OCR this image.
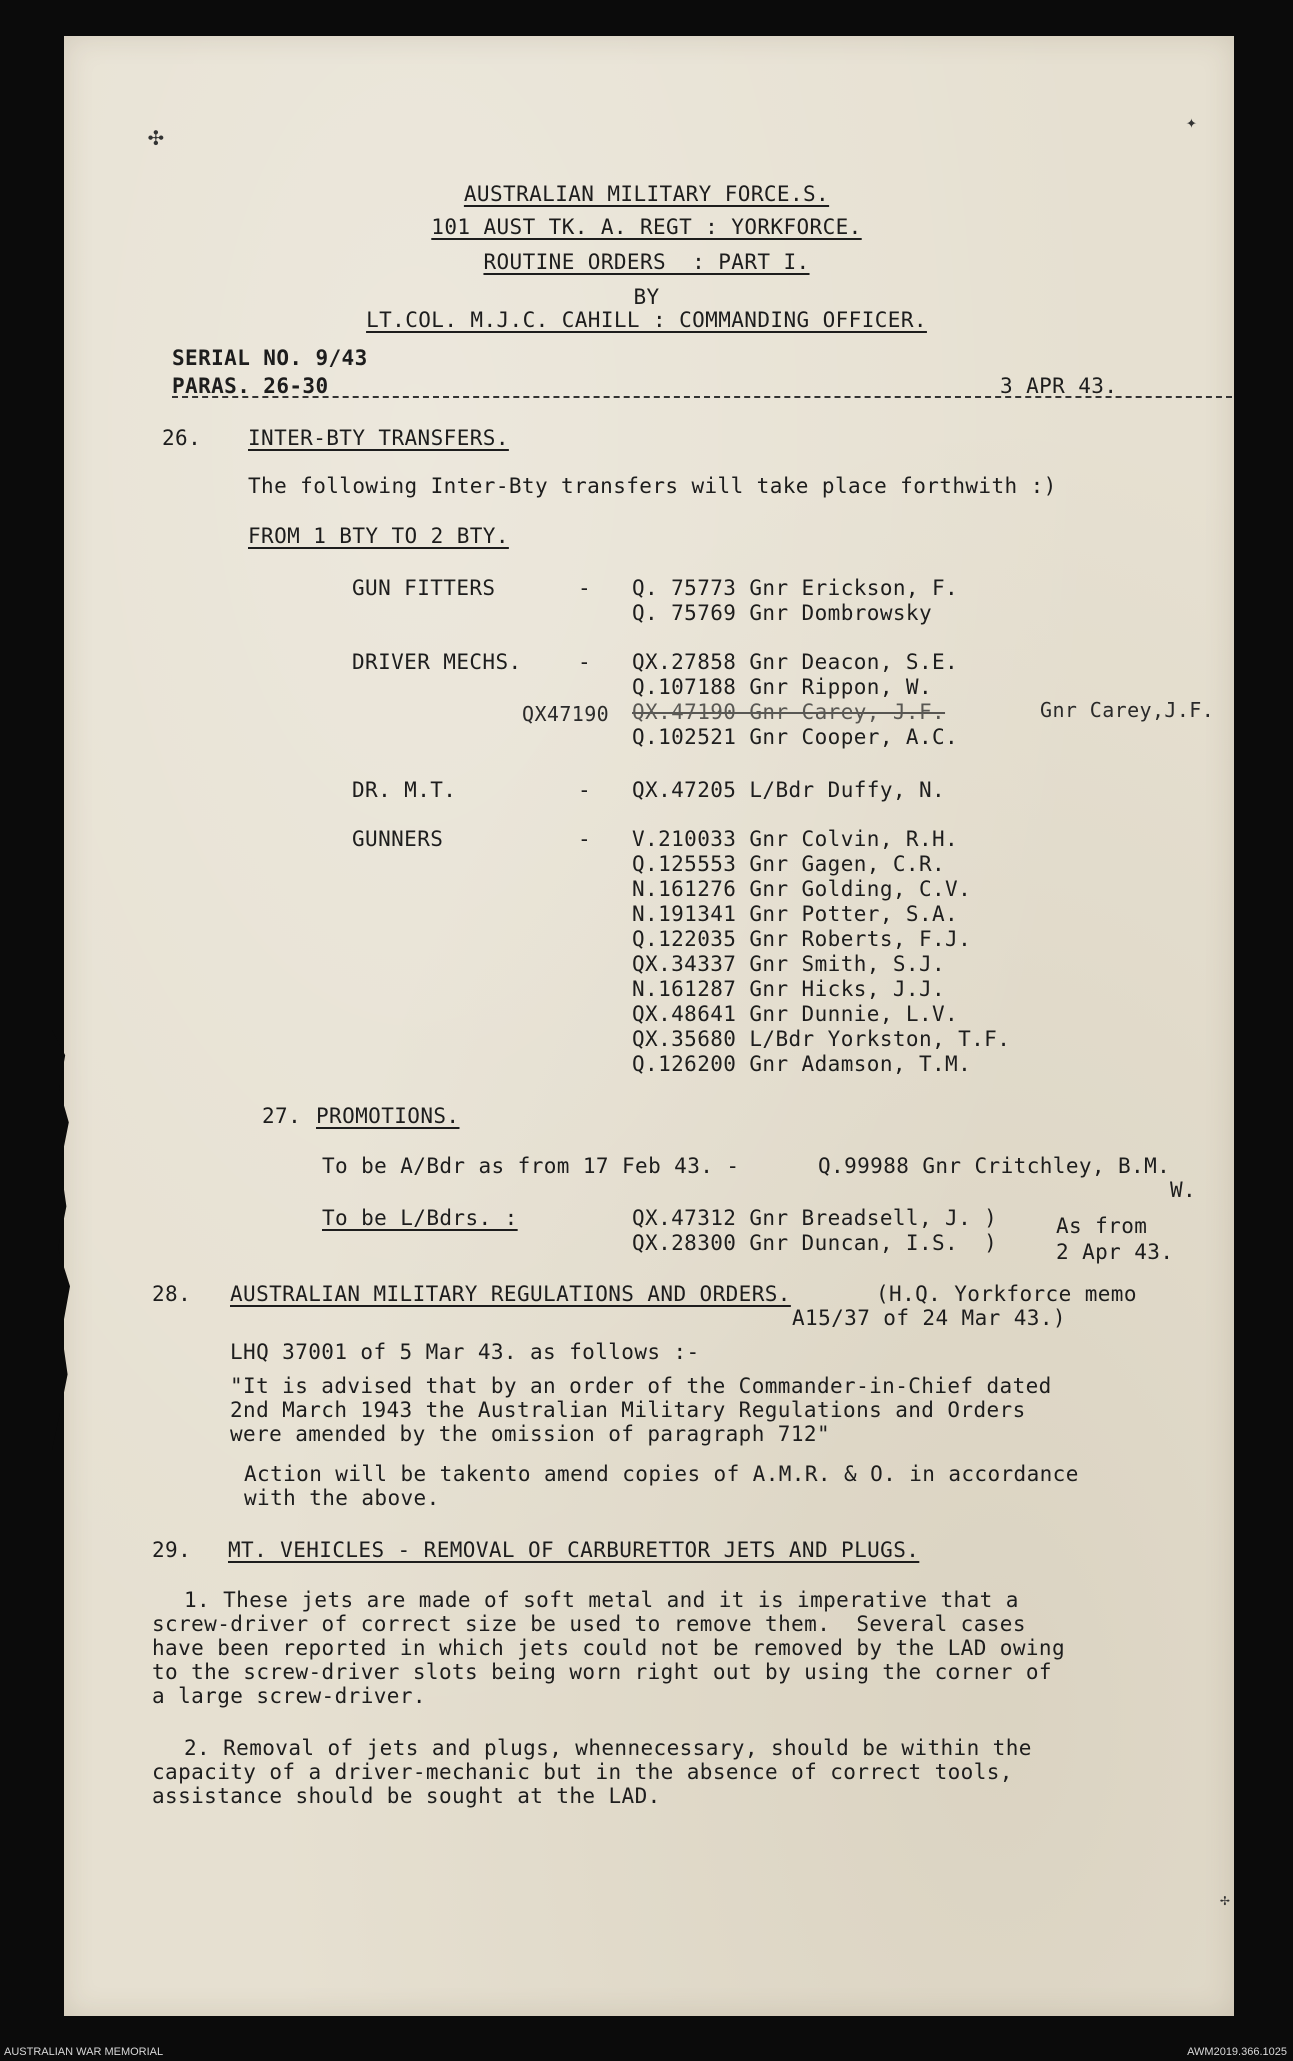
✣	✦
AUSTRALIAN MILITARY FORCE.S.
101 AUST TK. A. REGT : YORKFORCE.
ROUTINE ORDERS  : PART I.
BY
LT.COL. M.J.C. CAHILL : COMMANDING OFFICER.
SERIAL NO. 9/43
PARAS. 26-30	3 APR 43.
26. INTER-BTY TRANSFERS.
The following Inter-Bty transfers will take place forthwith :)
FROM 1 BTY TO 2 BTY.
GUN FITTERS	- Q. 75773 Gnr Erickson, F.
Q. 75769 Gnr Dombrowsky
DRIVER MECHS.	- QX.27858 Gnr Deacon, S.E.
Q.107188 Gnr Rippon, W.
QX.47190 Gnr Carey, J.F.
Q.102521 Gnr Cooper, A.C.
QX47190	Gnr Carey,J.F.
DR. M.T.	- QX.47205 L/Bdr Duffy, N.
GUNNERS	- V.210033 Gnr Colvin, R.H.
Q.125553 Gnr Gagen, C.R.
N.161276 Gnr Golding, C.V.
N.191341 Gnr Potter, S.A.
Q.122035 Gnr Roberts, F.J.
QX.34337 Gnr Smith, S.J.
N.161287 Gnr Hicks, J.J.
QX.48641 Gnr Dunnie, L.V.
QX.35680 L/Bdr Yorkston, T.F.
Q.126200 Gnr Adamson, T.M.
27. PROMOTIONS.
To be A/Bdr as from 17 Feb 43. -	Q.99988 Gnr Critchley, B.M.
W.
To be L/Bdrs. :	QX.47312 Gnr Breadsell, J. )
QX.28300 Gnr Duncan, I.S.  )
As from
2 Apr 43.
28. AUSTRALIAN MILITARY REGULATIONS AND ORDERS.	(H.Q. Yorkforce memo
A15/37 of 24 Mar 43.)
LHQ 37001 of 5 Mar 43. as follows :-
"It is advised that by an order of the Commander-in-Chief dated
2nd March 1943 the Australian Military Regulations and Orders
were amended by the omission of paragraph 712"
Action will be takento amend copies of A.M.R. & O. in accordance
with the above.
29. MT. VEHICLES - REMOVAL OF CARBURETTOR JETS AND PLUGS.
1. These jets are made of soft metal and it is imperative that a
screw-driver of correct size be used to remove them.  Several cases
have been reported in which jets could not be removed by the LAD owing
to the screw-driver slots being worn right out by using the corner of
a large screw-driver.
2. Removal of jets and plugs, whennecessary, should be within the
capacity of a driver-mechanic but in the absence of correct tools,
assistance should be sought at the LAD.
✢
AUSTRALIAN WAR MEMORIAL	AWM2019.366.1025
